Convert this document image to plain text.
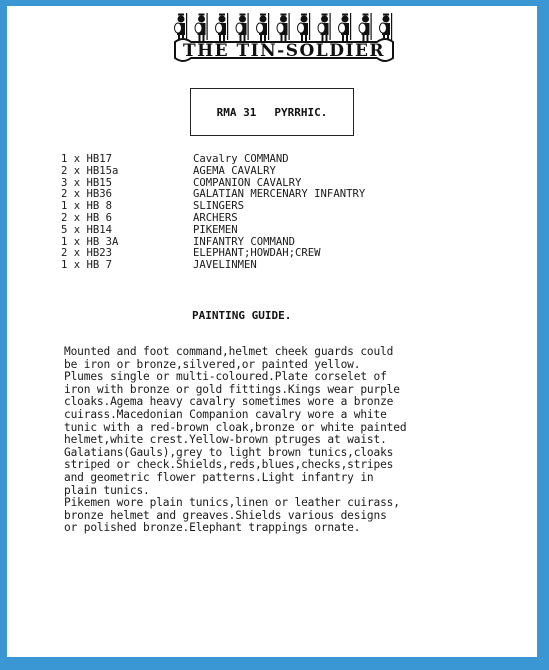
THE TIN-SOLDIER
RMA 31 PYRRHIC.
1 x HB17	Cavalry COMMAND
2 x HB15a	AGEMA CAVALRY
3 x HB15	COMPANION CAVALRY
2 x HB36	GALATIAN MERCENARY INFANTRY
1 x HB 8	SLINGERS
2 x HB 6	ARCHERS
5 x HB14	PIKEMEN
1 x HB 3A	INFANTRY COMMAND
2 x HB23	ELEPHANT;HOWDAH;CREW
1 x HB 7	JAVELINMEN
PAINTING GUIDE.
Mounted and foot command,helmet cheek guards could
be iron or bronze,silvered,or painted yellow.
Plumes single or multi-coloured.Plate corselet of
iron with bronze or gold fittings.Kings wear purple
cloaks.Agema heavy cavalry sometimes wore a bronze
cuirass.Macedonian Companion cavalry wore a white
tunic with a red-brown cloak,bronze or white painted
helmet,white crest.Yellow-brown ptruges at waist.
Galatians(Gauls),grey to light brown tunics,cloaks
striped or check.Shields,reds,blues,checks,stripes
and geometric flower patterns.Light infantry in
plain tunics.
Pikemen wore plain tunics,linen or leather cuirass,
bronze helmet and greaves.Shields various designs
or polished bronze.Elephant trappings ornate.
